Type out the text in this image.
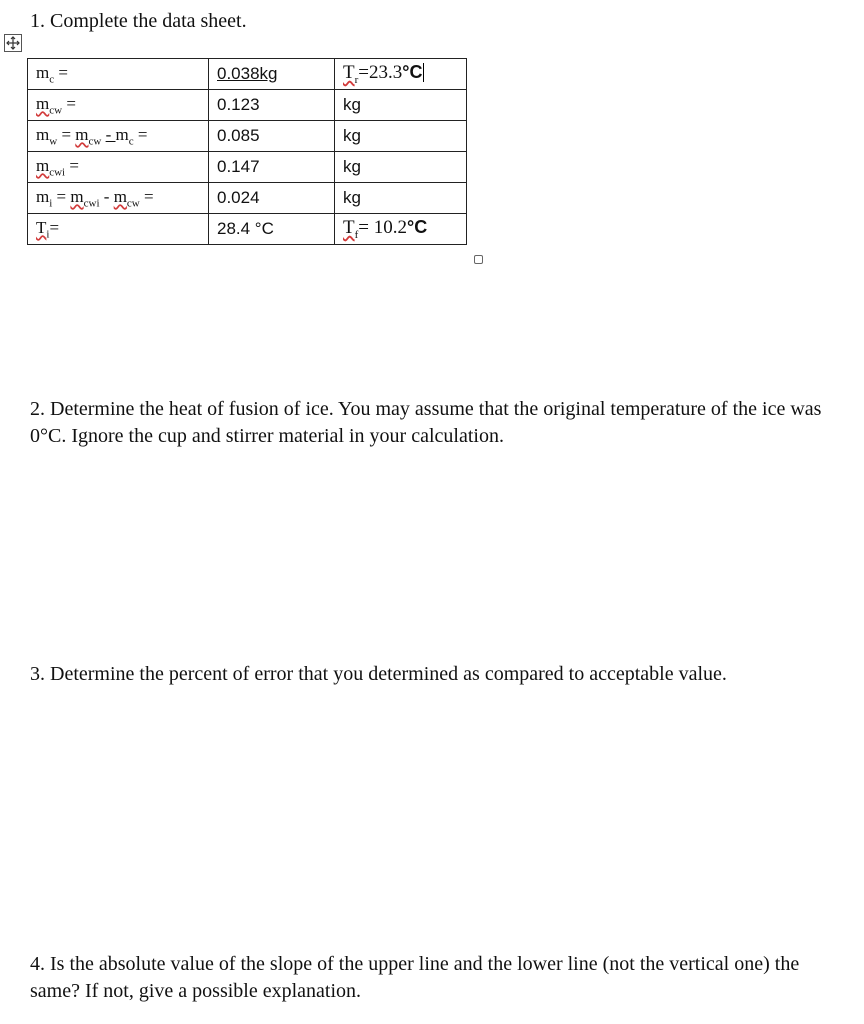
1. Complete the data sheet.

$m_c$ =	0.038kg	$T_r=23.3^\circ C$
$m_{cw}$ =	0.123	kg
$m_w = m_{cw} - m_c$ =	0.085	kg
$m_{cwi}$ =	0.147	kg
$m_i = m_{cwi} - m_{cw}$ =	0.024	kg
$T_i=$	28.4 °C	$T_f= 10.2^\circ C$

2. Determine the heat of fusion of ice. You may assume that the original temperature of the ice was 0°C. Ignore the cup and stirrer material in your calculation.

3. Determine the percent of error that you determined as compared to acceptable value.

4. Is the absolute value of the slope of the upper line and the lower line (not the vertical one) the same? If not, give a possible explanation.
